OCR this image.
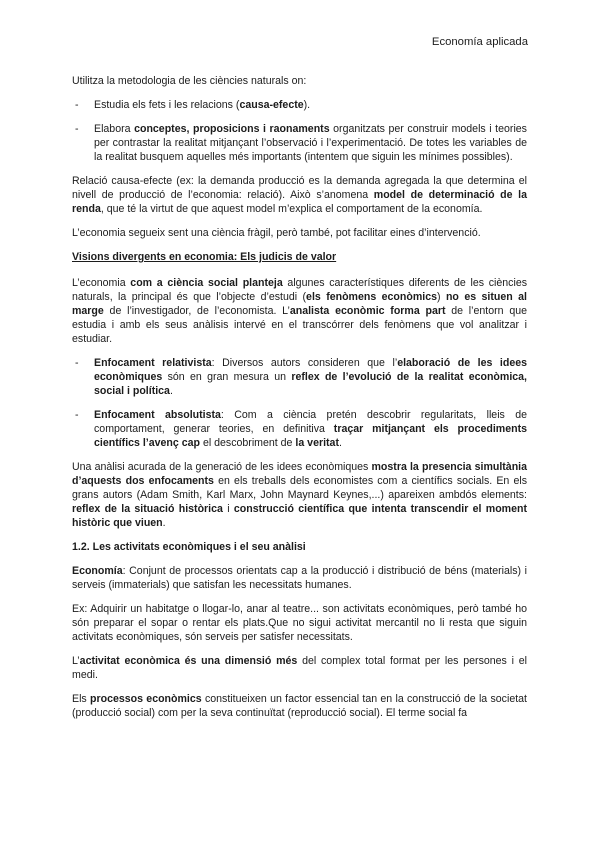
Economía aplicada

Utilitza la metodologia de les ciències naturals on:

- Estudia els fets i les relacions (causa-efecte).

- Elabora conceptes, proposicions i raonaments organitzats per construir models i teories per contrastar la realitat mitjançant l’observació i l’experimentació. De totes les variables de la realitat busquem aquelles més importants (intentem que siguin les mínimes possibles).

Relació causa-efecte (ex: la demanda producció es la demanda agregada la que determina el nivell de producció de l’economia: relació). Això s’anomena model de determinació de la renda, que té la virtut de que aquest model m’explica el comportament de la economía.

L’economia segueix sent una ciència fràgil, però també, pot facilitar eines d’intervenció.

Visions divergents en economia: Els judicis de valor

L’economia com a ciència social planteja algunes característiques diferents de les ciències naturals, la principal és que l’objecte d’estudi (els fenòmens econòmics) no es situen al marge de l’investigador, de l’economista. L’analista econòmic forma part de l’entorn que estudia i amb els seus anàlisis intervé en el transcórrer dels fenòmens que vol analitzar i estudiar.

- Enfocament relativista: Diversos autors consideren que l’elaboració de les idees econòmiques són en gran mesura un reflex de l’evolució de la realitat econòmica, social i política.

- Enfocament absolutista: Com a ciència pretén descobrir regularitats, lleis de comportament, generar teories, en definitiva traçar mitjançant els procediments científics l’avenç cap el descobriment de la veritat.

Una anàlisi acurada de la generació de les idees econòmiques mostra la presencia simultània d’aquests dos enfocaments en els treballs dels economistes com a científics socials. En els grans autors (Adam Smith, Karl Marx, John Maynard Keynes,...) apareixen ambdós elements: reflex de la situació històrica i construcció científica que intenta transcendir el moment històric que viuen.

1.2. Les activitats econòmiques i el seu anàlisi

Economía: Conjunt de processos orientats cap a la producció i distribució de béns (materials) i serveis (immaterials) que satisfan les necessitats humanes.

Ex: Adquirir un habitatge o llogar-lo, anar al teatre... son activitats econòmiques, però també ho són preparar el sopar o rentar els plats.Que no sigui activitat mercantil no li resta que siguin activitats econòmiques, són serveis per satisfer necessitats.

L’activitat econòmica és una dimensió més del complex total format per les persones i el medi.

Els processos econòmics constitueixen un factor essencial tan en la construcció de la societat (producció social) com per la seva continuïtat (reproducció social). El terme social fa
